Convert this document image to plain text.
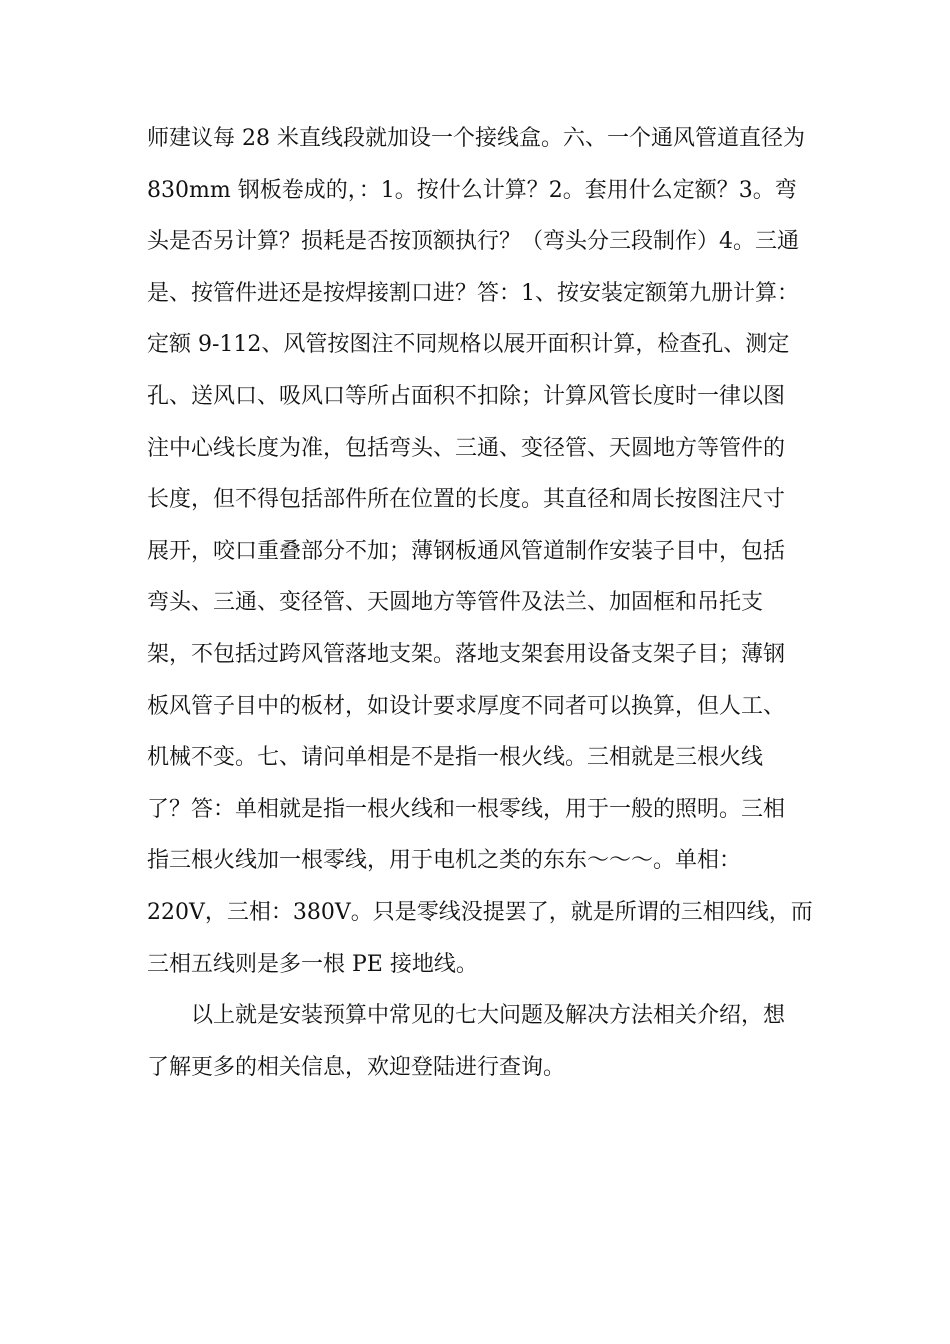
师建议每 28 米直线段就加设一个接线盒。六、一个通风管道直径为
830mm 钢板卷成的，：1。按什么计算？2。套用什么定额？3。弯
头是否另计算？损耗是否按顶额执行？（弯头分三段制作）4。三通
是、按管件进还是按焊接割口进？答：1、按安装定额第九册计算：
定额 9-112、风管按图注不同规格以展开面积计算，检查孔、测定
孔、送风口、吸风口等所占面积不扣除；计算风管长度时一律以图
注中心线长度为准，包括弯头、三通、变径管、天圆地方等管件的
长度，但不得包括部件所在位置的长度。其直径和周长按图注尺寸
展开，咬口重叠部分不加；薄钢板通风管道制作安装子目中，包括
弯头、三通、变径管、天圆地方等管件及法兰、加固框和吊托支
架，不包括过跨风管落地支架。落地支架套用设备支架子目；薄钢
板风管子目中的板材，如设计要求厚度不同者可以换算，但人工、
机械不变。七、请问单相是不是指一根火线。三相就是三根火线
了？答：单相就是指一根火线和一根零线，用于一般的照明。三相
指三根火线加一根零线，用于电机之类的东东～～～。单相：
220V，三相：380V。只是零线没提罢了，就是所谓的三相四线，而
三相五线则是多一根 PE 接地线。
以上就是安装预算中常见的七大问题及解决方法相关介绍，想
了解更多的相关信息，欢迎登陆进行查询。
